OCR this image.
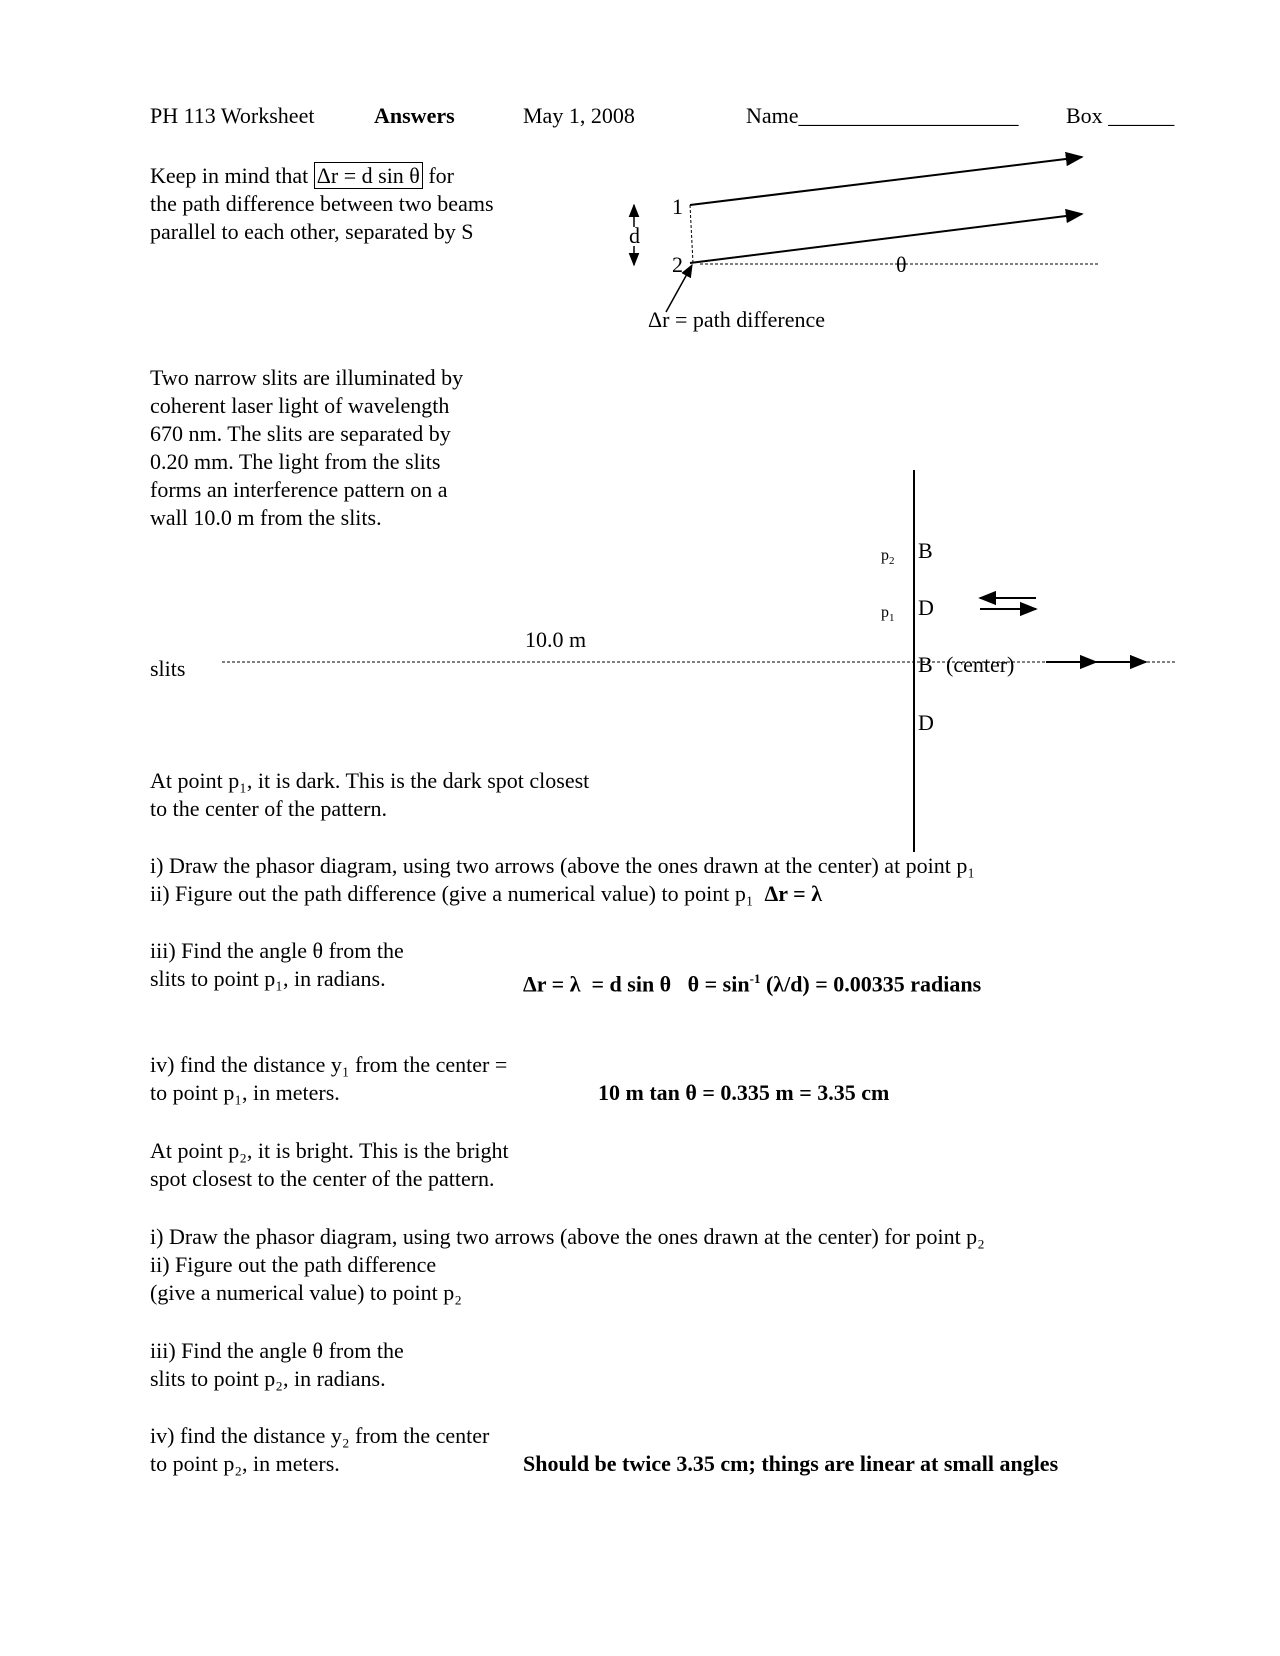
PH 113 Worksheet	Answers	May 1, 2008	Name____________________ Box ______
Keep in mind that Δr = d sin θ for
the path difference between two beams
parallel to each other, separated by S
1
2
d
θ
Δr = path difference
Two narrow slits are illuminated by
coherent laser light of wavelength
670 nm. The slits are separated by
0.20 mm. The light from the slits
forms an interference pattern on a
wall 10.0 m from the slits.
slits
10.0 m
$p_2$
$p_1$
B
D
B (center)
D
At point p₁, it is dark. This is the dark spot closest
to the center of the pattern.
i) Draw the phasor diagram, using two arrows (above the ones drawn at the center) at point p₁
ii) Figure out the path difference (give a numerical value) to point p₁ Δr = λ
iii) Find the angle θ from the
slits to point p₁, in radians.	Δr = λ  = d sin θ   $\theta = \sin^{-1} (\lambda/d) = 0.00335$ radians
iv) find the distance y₁ from the center =
to point p₁, in meters.	10 m tan θ = 0.335 m = 3.35 cm
At point p₂, it is bright. This is the bright
spot closest to the center of the pattern.
i) Draw the phasor diagram, using two arrows (above the ones drawn at the center) for point p₂
ii) Figure out the path difference
(give a numerical value) to point p₂
iii) Find the angle θ from the
slits to point p₂, in radians.
iv) find the distance y₂ from the center
to point p₂, in meters.	Should be twice 3.35 cm; things are linear at small angles
